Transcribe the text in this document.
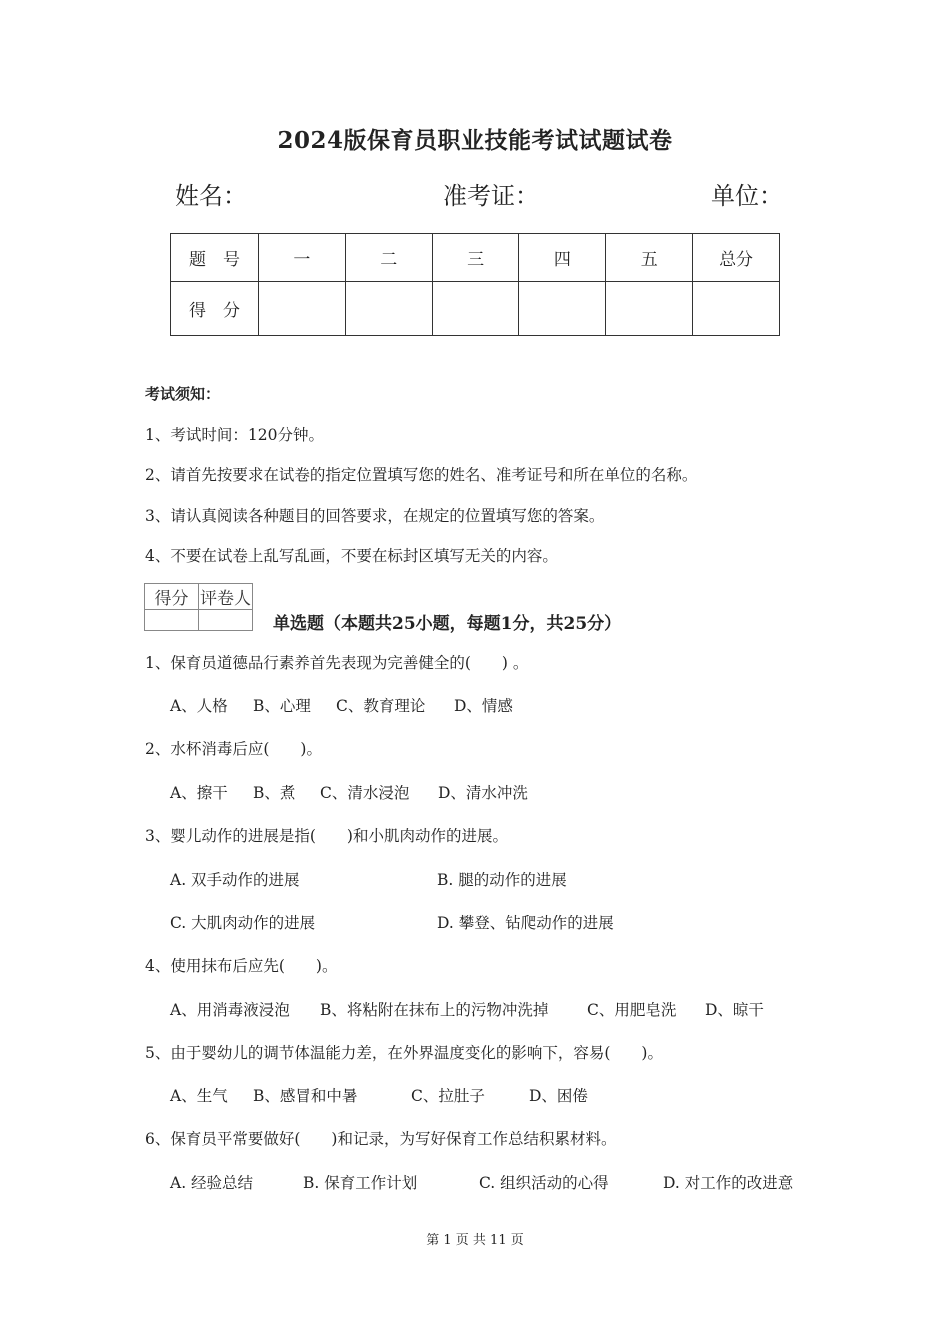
2024版保育员职业技能考试试题试卷
姓名：	准考证：	单位：
题　号	一	二	三	四	五	总分
得　分						
考试须知：
1、考试时间：120分钟。
2、请首先按要求在试卷的指定位置填写您的姓名、准考证号和所在单位的名称。
3、请认真阅读各种题目的回答要求，在规定的位置填写您的答案。
4、不要在试卷上乱写乱画，不要在标封区填写无关的内容。
得分	评卷人

单选题（本题共25小题，每题1分，共25分）
1、保育员道德品行素养首先表现为完善健全的(　　) 。
A、人格 B、心理 C、教育理论 D、情感
2、水杯消毒后应(　　)。
A、擦干 B、煮 C、清水浸泡 D、清水冲洗
3、婴儿动作的进展是指(　　)和小肌肉动作的进展。
A. 双手动作的进展	B. 腿的动作的进展
C. 大肌肉动作的进展	D. 攀登、钻爬动作的进展
4、使用抹布后应先(　　)。
A、用消毒液浸泡 B、将粘附在抹布上的污物冲洗掉 C、用肥皂洗 D、晾干
5、由于婴幼儿的调节体温能力差，在外界温度变化的影响下，容易(　　)。
A、生气 B、感冒和中暑	C、拉肚子	D、困倦
6、保育员平常要做好(　　)和记录，为写好保育工作总结积累材料。
A. 经验总结	B. 保育工作计划	C. 组织活动的心得	D. 对工作的改进意
第 1 页 共 11 页
